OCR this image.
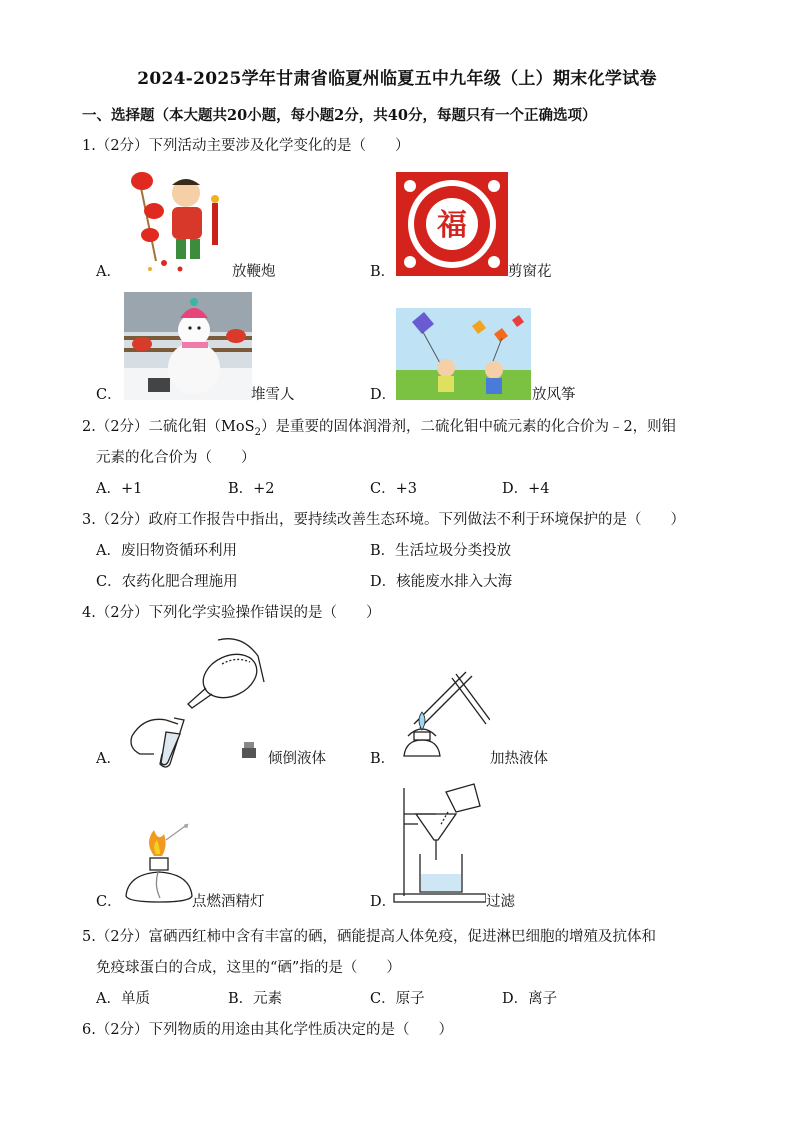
2024-2025学年甘肃省临夏州临夏五中九年级（上）期末化学试卷
一、选择题（本大题共20小题，每小题2分，共40分，每题只有一个正确选项）
1.（2分）下列活动主要涉及化学变化的是（　　）
A．	放鞭炮	B．
福
剪窗花
C．	堆雪人	D．	放风筝
2.（2分）二硫化钼（MoS$_2$）是重要的固体润滑剂，二硫化钼中硫元素的化合价为﹣2，则钼
元素的化合价为（　　）
A．+1	B．+2	C．+3	D．+4
3.（2分）政府工作报告中指出，要持续改善生态环境。下列做法不利于环境保护的是（　　）
A．废旧物资循环利用	B．生活垃圾分类投放
C．农药化肥合理施用	D．核能废水排入大海
4.（2分）下列化学实验操作错误的是（　　）
A．	倾倒液体	B．	加热液体
C．	点燃酒精灯	D．	过滤
5.（2分）富硒西红柿中含有丰富的硒，硒能提高人体免疫，促进淋巴细胞的增殖及抗体和
免疫球蛋白的合成，这里的“硒”指的是（　　）
A．单质	B．元素	C．原子	D．离子
6.（2分）下列物质的用途由其化学性质决定的是（　　）
